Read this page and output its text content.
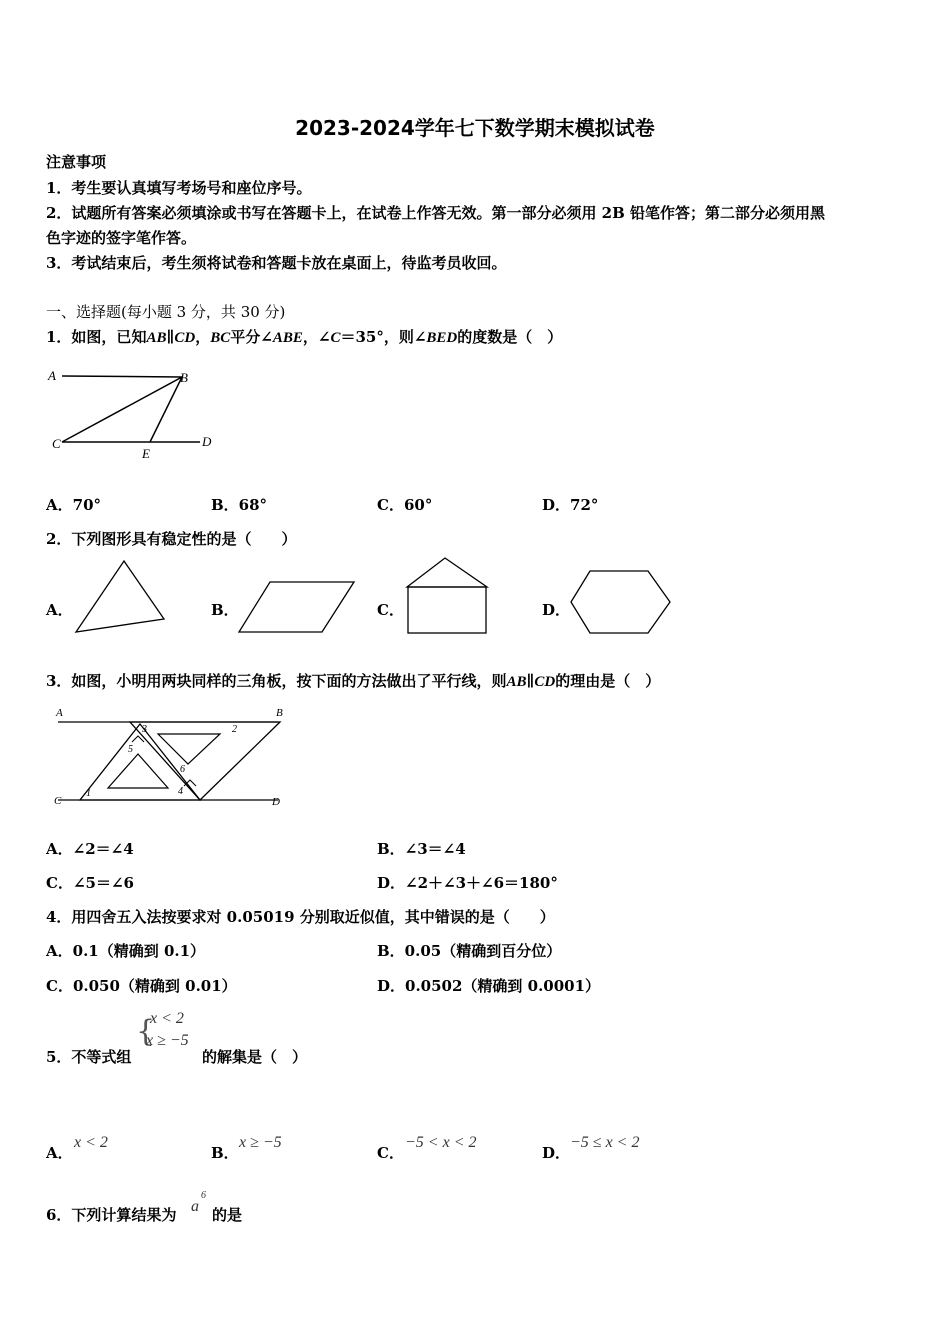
2023-2024学年七下数学期末模拟试卷
注意事项
1．考生要认真填写考场号和座位序号。
2．试题所有答案必须填涂或书写在答题卡上，在试卷上作答无效。第一部分必须用 2B 铅笔作答；第二部分必须用黑
色字迹的签字笔作答。
3．考试结束后，考生须将试卷和答题卡放在桌面上，待监考员收回。
一、选择题(每小题 3 分，共 30 分)
1．如图，已知AB∥CD，BC平分∠ABE，∠C＝35°，则∠BED的度数是（　）
A	B
C
E
D
A．70°	B．68°	C．60°	D．72°
2．下列图形具有稳定性的是（　　）
A．	B．	C．	D．
3．如图，小明用两块同样的三角板，按下面的方法做出了平行线，则AB∥CD的理由是（　）
A	B
C	D
1
2
3
4
5
6
A．∠2＝∠4	B．∠3＝∠4
C．∠5＝∠6	D．∠2＋∠3＋∠6＝180°
4．用四舍五入法按要求对 0.05019 分别取近似值，其中错误的是（　　）
A．0.1（精确到 0.1）	B．0.05（精确到百分位）
C．0.050（精确到 0.01）	D．0.0502（精确到 0.0001）
5．不等式组
{
x < 2
x ≥ −5
的解集是（　）
A．
x < 2
B．
x ≥ −5
C．
−5 < x < 2
D．
−5 ≤ x < 2
6．下列计算结果为 a
6
的是
